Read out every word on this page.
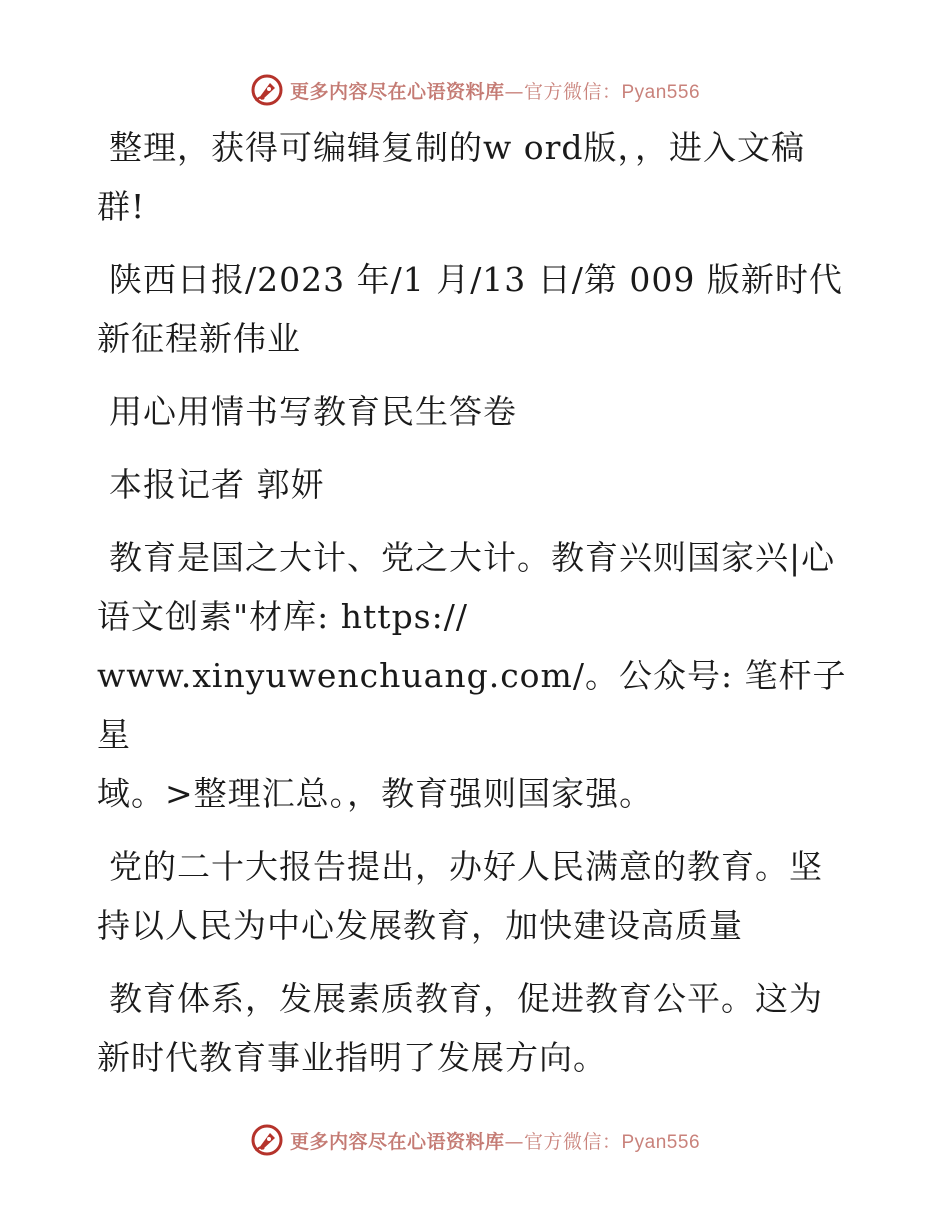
更多内容尽在心语资料库—官方微信：Pyan556

整理，获得可编辑复制的w ord版，，进入文稿
群!

陕西日报/2023 年/1 月/13 日/第 009 版新时代
新征程新伟业

用心用情书写教育民生答卷

本报记者 郭妍

教育是国之大计、党之大计。教育兴则国家兴|心
语文创素"材库: https://
www.xinyuwenchuang.com/。公众号: 笔杆子星
域。>整理汇总。，教育强则国家强。

党的二十大报告提出，办好人民满意的教育。坚
持以人民为中心发展教育，加快建设高质量

教育体系，发展素质教育，促进教育公平。这为
新时代教育事业指明了发展方向。

更多内容尽在心语资料库—官方微信：Pyan556
